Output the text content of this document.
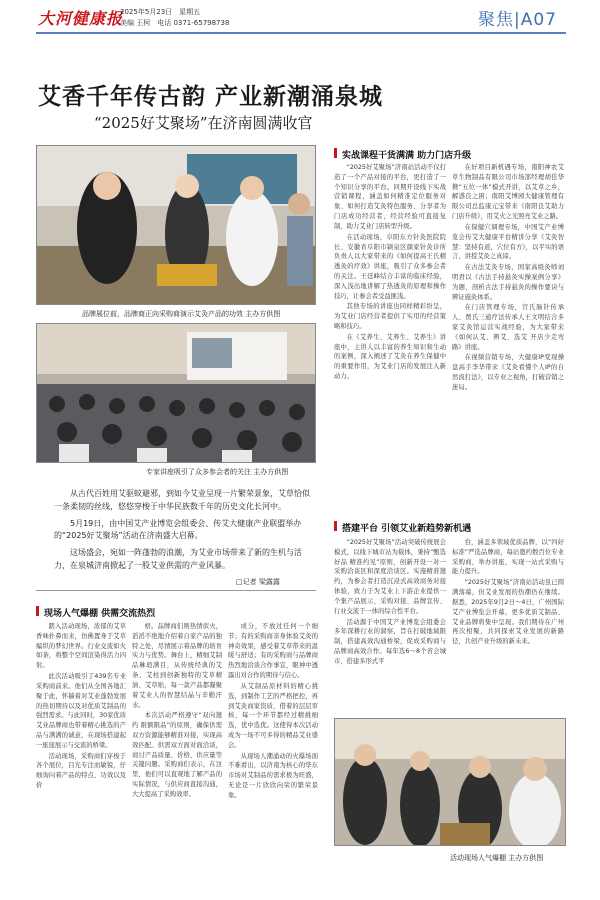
大河健康报
2025年5月23日　星期五
美编 王柯　电话 0371-65798738	聚焦|A07
艾香千年传古韵 产业新潮涌泉城
“2025好艾聚场”在济南圆满收官
品牌展位前，品牌商正向采购商演示艾灸产品的功效 主办方供图
专家讲座吸引了众多参会者的关注 主办方供图

从古代百姓用艾驱蚊避邪，到如今艾业呈现一片繁荣景象，艾草恰似一条柔韧的丝线，悠悠穿梭于中华民族数千年的历史文化长河中。

5月19日，由中国艾产业博览会组委会、传艾大健康产业联盟举办的“2025好艾聚场”活动在济南盛大启幕。

这场盛会，宛如一阵蓬勃的浪潮，为艾业市场带来了新的生机与活力，在泉城济南掀起了一股艾业供需的产业风暴。

□记者 梁露露
现场人气爆棚 供需交流热烈

踏入活动现场，浓郁的艾草香味扑鼻而来，仿佛置身于艾草编织的梦幻世界。行业交流如火如荼，将整个空间渲染得活力四射。

此次活动吸引了439名专业采购商前来。他们从全国各地汇聚于此，怀揣着对艾业蓬勃发展的热切期待以及对优质艾制品的强烈需求。与此同时，30家优质艾业品牌商也带着精心挑选的产品与满满的诚意，在现场搭建起一座座展示与交流的桥梁。

活动现场，采购商们穿梭于各个展位，目光专注而敏锐，仔细询问着产品的特点、功效以及价

格。品牌商们则热情似火，滔滔不绝地介绍着自家产品的独特之处，尽情展示着品牌的培育实力与优势。舞台上，精细艾制品琳琅满目，从传统经典的艾条、艾柱到创新独特的艾草精油、艾草贴，每一款产品都凝聚着艾业人的智慧结晶与辛勤汗水。

本次活动严格遵守“双向邀约 限额限品”的原则，确保供需双方资源能够精准对接，实现高效匹配。供需双方面对面洽谈，商讨产品质量、价格、供应量等关键问题。采购商们表示，在这里，他们可以直观地了解产品的实际情况，与供应商直接沟通，大大提高了采购效率。

成分，不放过任何一个细节；有的采购商亲身体验艾灸的神奇效果，感受着艾草带来的温暖与舒适；有的采购商与品牌商热烈地洽谈合作事宜，眼神中透露出对合作的期待与信心。

从艾制品原材料的精心挑选，到制作工艺的严格把控，再到艾灸商家资质，借着的层层审核，每一个环节都经过精挑细选，优中选优。这使得本次活动成为一场不可多得的精品艾业盛会。

从现场人潮涌动的火爆场面不难看出，以济南为核心的华东市场对艾制品的需求极为旺盛，无论是一片欣欣向荣的繁荣景象。

实战课程干货满满 助力门店升级

“2025好艾聚场”济南站活动不仅打造了一个产品对接的平台，更打造了一个知识分享的平台。同期开设线下实战营销课程，涵盖如何精准定位服务对象、如何打造艾灸特色服务、分享者为门店成功经营者，经营经验可直接复制，助力艾业门店转型升级。

在活动现场，阜阳东方针灸医院院长、安徽省阜阳市颍泉区颜家针灸诊所负责人以大家带来的《如何提高王氏精透灸的疗效》讲座，吸引了众多参会者的关注。王廷峰结合丰富的临床经验，深入浅出地讲解了热透灸的原理和操作技巧，让参会者受益匪浅。

其他专场的讲座也同样精彩纷呈，为艾业门店经营者提供了实用的经营策略和技巧。

在《艾养生、艾养生、艾养生》讲座中，主讲人以丰富的养生知识和生动的案例，深入阐述了艾灸在养生保健中的重要作用，为艾业门店的发展注入新动力。

在好项目新机遇专场，南阳神农艾草生物制品有限公司市场部经理胡佳华携“五位一体”模式开讲，以艾草之乡，解惑良之困；南阳艾博园大健康管理有限公司总监康元宝带来《南阳良艾助力门店升级》，用艾火之光照亮艾业之路。

在保健穴调理专场，中国艾产业博览会传艾大健康平台精讲分享《艾灸智慧：坚持有道，穴位有方》，以平实的语言，讲授艾灸之真谛。

在古法艾灸专场，国家高级灸师刘明君以《古法手持悬灸实操案例分享》为题，剖析古法手持悬灸的操作要诀与辨证施灸体系。

在门店管理专场，宫氏脑针传承人、贾氏三通疗法传承人王文明结合多家艾灸馆运营实战经验，为大家带来《如何认艾、辨艾、选艾 开店少走弯路》讲座。

在视频营销专场，大健康IP变现操盘高手李华带来《艾灸看懂个人IP的自然流打法》，以专业之视角，打破营销之迷局。

搭建平台 引领艾业新趋势新机遇

“2025好艾聚场”活动突破传统展会模式，以线下城市站为载体，秉持“甄选好品 精准约见”原则，创新开设一对一采购洽谈区和深度洽谈区。实施精准邀约，为参会者打造沉浸式高效商务对接体验，致力于为艾业上下游企业提供一个集产品展示、采购对接、品牌宣传、行业交流于一体的综合性平台。

活动源于中国艾产业博览会组委会多年深耕行业的洞察，旨在打破地域限制，搭建高效沟通桥梁，促成采购商与品牌商高效合作。每年选6～8个省会城市，搭建多形式平

台，涵盖多领域优质品牌，以“四好标准”严选品牌商，每站邀约数百位专业采购商，举办讲座，实现一站式采购与能力提升。

“2025好艾聚场”济南站活动虽已圆满落幕，但艾业发展的热潮仍在继续。据悉，2025年9月2日～4日，广州国际艾产业博览会开幕，更多优质艾制品、艾业品牌将集中呈现。我们期待在广州再次相聚，共同探索艾业发展的新路径，共创产业升级的新未来。

活动现场人气爆棚 主办方供图
